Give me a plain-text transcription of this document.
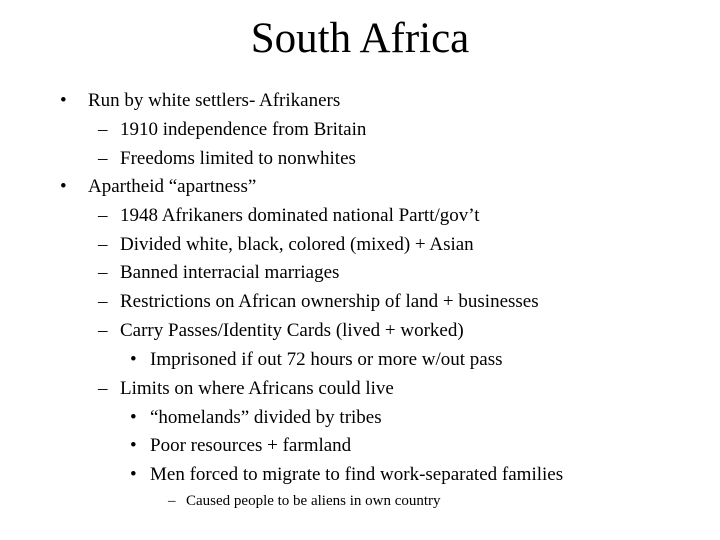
South Africa
• Run by white settlers- Afrikaners
– 1910 independence from Britain
– Freedoms limited to nonwhites
• Apartheid “apartness”
– 1948 Afrikaners dominated national Partt/gov’t
– Divided white, black, colored (mixed) + Asian
– Banned interracial marriages
– Restrictions on African ownership of land + businesses
– Carry Passes/Identity Cards (lived + worked)
• Imprisoned if out 72 hours or more w/out pass
– Limits on where Africans could live
• “homelands” divided by tribes
• Poor resources + farmland
• Men forced to migrate to find work-separated families
– Caused people to be aliens in own country
